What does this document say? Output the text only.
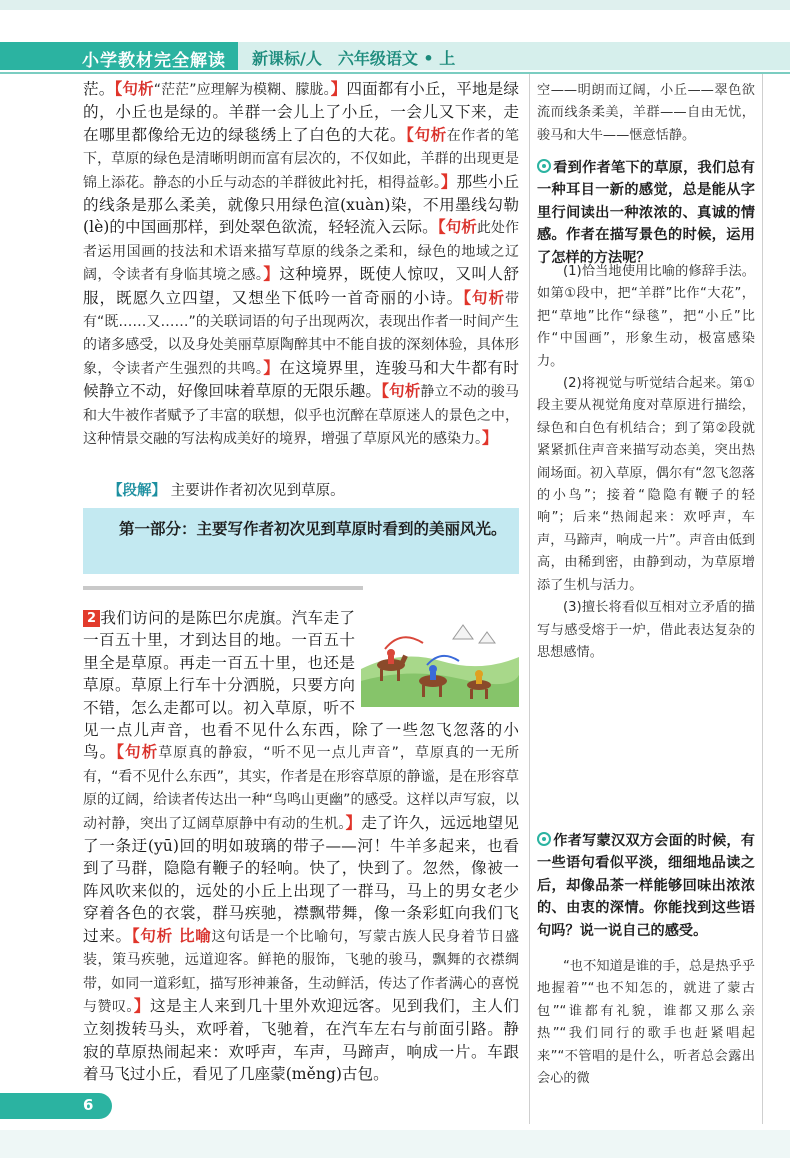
小学教材完全解读 新课标/人　六年级语文 • 上
茫。【句析“茫茫”应理解为模糊、朦胧。】四面都有小丘，平地是绿的，小丘也是绿的。羊群一会儿上了小丘，一会儿又下来，走在哪里都像给无边的绿毯绣上了白色的大花。【句析在作者的笔下，草原的绿色是清晰明朗而富有层次的，不仅如此，羊群的出现更是锦上添花。静态的小丘与动态的羊群彼此衬托，相得益彰。】那些小丘的线条是那么柔美，就像只用绿色渲(xuàn)染，不用墨线勾勒(lè)的中国画那样，到处翠色欲流，轻轻流入云际。【句析此处作者运用国画的技法和术语来描写草原的线条之柔和，绿色的地域之辽阔，令读者有身临其境之感。】这种境界，既使人惊叹，又叫人舒服，既愿久立四望，又想坐下低吟一首奇丽的小诗。【句析带有“既……又……”的关联词语的句子出现两次，表现出作者一时间产生的诸多感受，以及身处美丽草原陶醉其中不能自拔的深刻体验，具体形象，令读者产生强烈的共鸣。】在这境界里，连骏马和大牛都有时候静立不动，好像回味着草原的无限乐趣。【句析静立不动的骏马和大牛被作者赋予了丰富的联想，似乎也沉醉在草原迷人的景色之中，这种情景交融的写法构成美好的境界，增强了草原风光的感染力。】
【段解】 主要讲作者初次见到草原。
第一部分：主要写作者初次见到草原时看到的美丽风光。
2 我们访问的是陈巴尔虎旗。汽车走了一百五十里，才到达目的地。一百五十里全是草原。再走一百五十里，也还是草原。草原上行车十分洒脱，只要方向不错，怎么走都可以。初入草原，听不见一点儿声音，也看不见什么东西，除了一些忽飞忽落的小鸟。【句析草原真的静寂，“听不见一点儿声音”，草原真的一无所有，“看不见什么东西”，其实，作者是在形容草原的静谧，是在形容草原的辽阔，给读者传达出一种“鸟鸣山更幽”的感受。这样以声写寂，以动衬静，突出了辽阔草原静中有动的生机。】走了许久，远远地望见了一条迂(yū)回的明如玻璃的带子——河！牛羊多起来，也看到了马群，隐隐有鞭子的轻响。快了，快到了。忽然，像被一阵风吹来似的，远处的小丘上出现了一群马，马上的男女老少穿着各色的衣裳，群马疾驰，襟飘带舞，像一条彩虹向我们飞过来。【句析 比喻这句话是一个比喻句，写蒙古族人民身着节日盛装，策马疾驰，远道迎客。鲜艳的服饰，飞驰的骏马，飘舞的衣襟绸带，如同一道彩虹，描写形神兼备，生动鲜活，传达了作者满心的喜悦与赞叹。】这是主人来到几十里外欢迎远客。见到我们，主人们立刻拨转马头，欢呼着，飞驰着，在汽车左右与前面引路。静寂的草原热闹起来：欢呼声，车声，马蹄声，响成一片。车跟着马飞过小丘，看见了几座蒙(měng)古包。
空——明朗而辽阔，小丘——翠色欲流而线条柔美，羊群——自由无忧，骏马和大牛——惬意恬静。
看到作者笔下的草原，我们总有一种耳目一新的感觉，总是能从字里行间读出一种浓浓的、真诚的情感。作者在描写景色的时候，运用了怎样的方法呢？

(1)恰当地使用比喻的修辞手法。如第①段中，把“羊群”比作“大花”，把“草地”比作“绿毯”，把“小丘”比作“中国画”，形象生动，极富感染力。

(2)将视觉与听觉结合起来。第①段主要从视觉角度对草原进行描绘，绿色和白色有机结合；到了第②段就紧紧抓住声音来描写动态美，突出热闹场面。初入草原，偶尔有“忽飞忽落的小鸟”；接着“隐隐有鞭子的轻响”；后来“热闹起来：欢呼声，车声，马蹄声，响成一片”。声音由低到高，由稀到密，由静到动，为草原增添了生机与活力。

(3)擅长将看似互相对立矛盾的描写与感受熔于一炉，借此表达复杂的思想感情。

作者写蒙汉双方会面的时候，有一些语句看似平淡，细细地品读之后，却像品茶一样能够回味出浓浓的、由衷的深情。你能找到这些语句吗？说一说自己的感受。

“也不知道是谁的手，总是热乎乎地握着”“也不知怎的，就进了蒙古包”“谁都有礼貌，谁都又那么亲热”“我们同行的歌手也赶紧唱起来”“不管唱的是什么，听者总会露出会心的微

6
